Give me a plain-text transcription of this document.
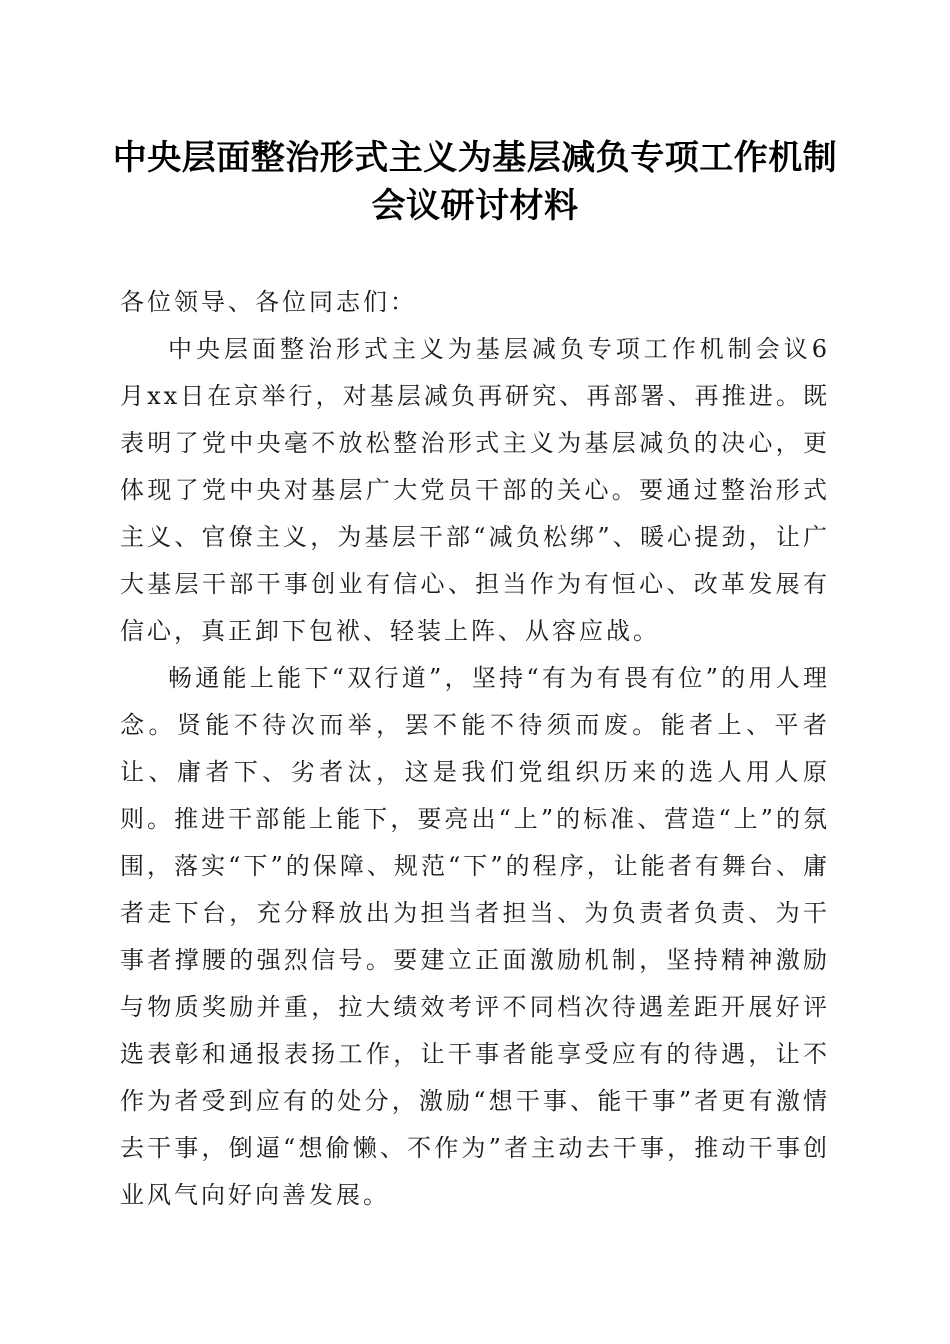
中央层面整治形式主义为基层减负专项工作机制会议研讨材料

各位领导、各位同志们：

中央层面整治形式主义为基层减负专项工作机制会议6月xx日在京举行，对基层减负再研究、再部署、再推进。既表明了党中央毫不放松整治形式主义为基层减负的决心，更体现了党中央对基层广大党员干部的关心。要通过整治形式主义、官僚主义，为基层干部“减负松绑”、暖心提劲，让广大基层干部干事创业有信心、担当作为有恒心、改革发展有信心，真正卸下包袱、轻装上阵、从容应战。

畅通能上能下“双行道”，坚持“有为有畏有位”的用人理念。贤能不待次而举，罢不能不待须而废。能者上、平者让、庸者下、劣者汰，这是我们党组织历来的选人用人原则。推进干部能上能下，要亮出“上”的标准、营造“上”的氛围，落实“下”的保障、规范“下”的程序，让能者有舞台、庸者走下台，充分释放出为担当者担当、为负责者负责、为干事者撑腰的强烈信号。要建立正面激励机制，坚持精神激励与物质奖励并重，拉大绩效考评不同档次待遇差距开展好评选表彰和通报表扬工作，让干事者能享受应有的待遇，让不作为者受到应有的处分，激励“想干事、能干事”者更有激情去干事，倒逼“想偷懒、不作为”者主动去干事，推动干事创业风气向好向善发展。
